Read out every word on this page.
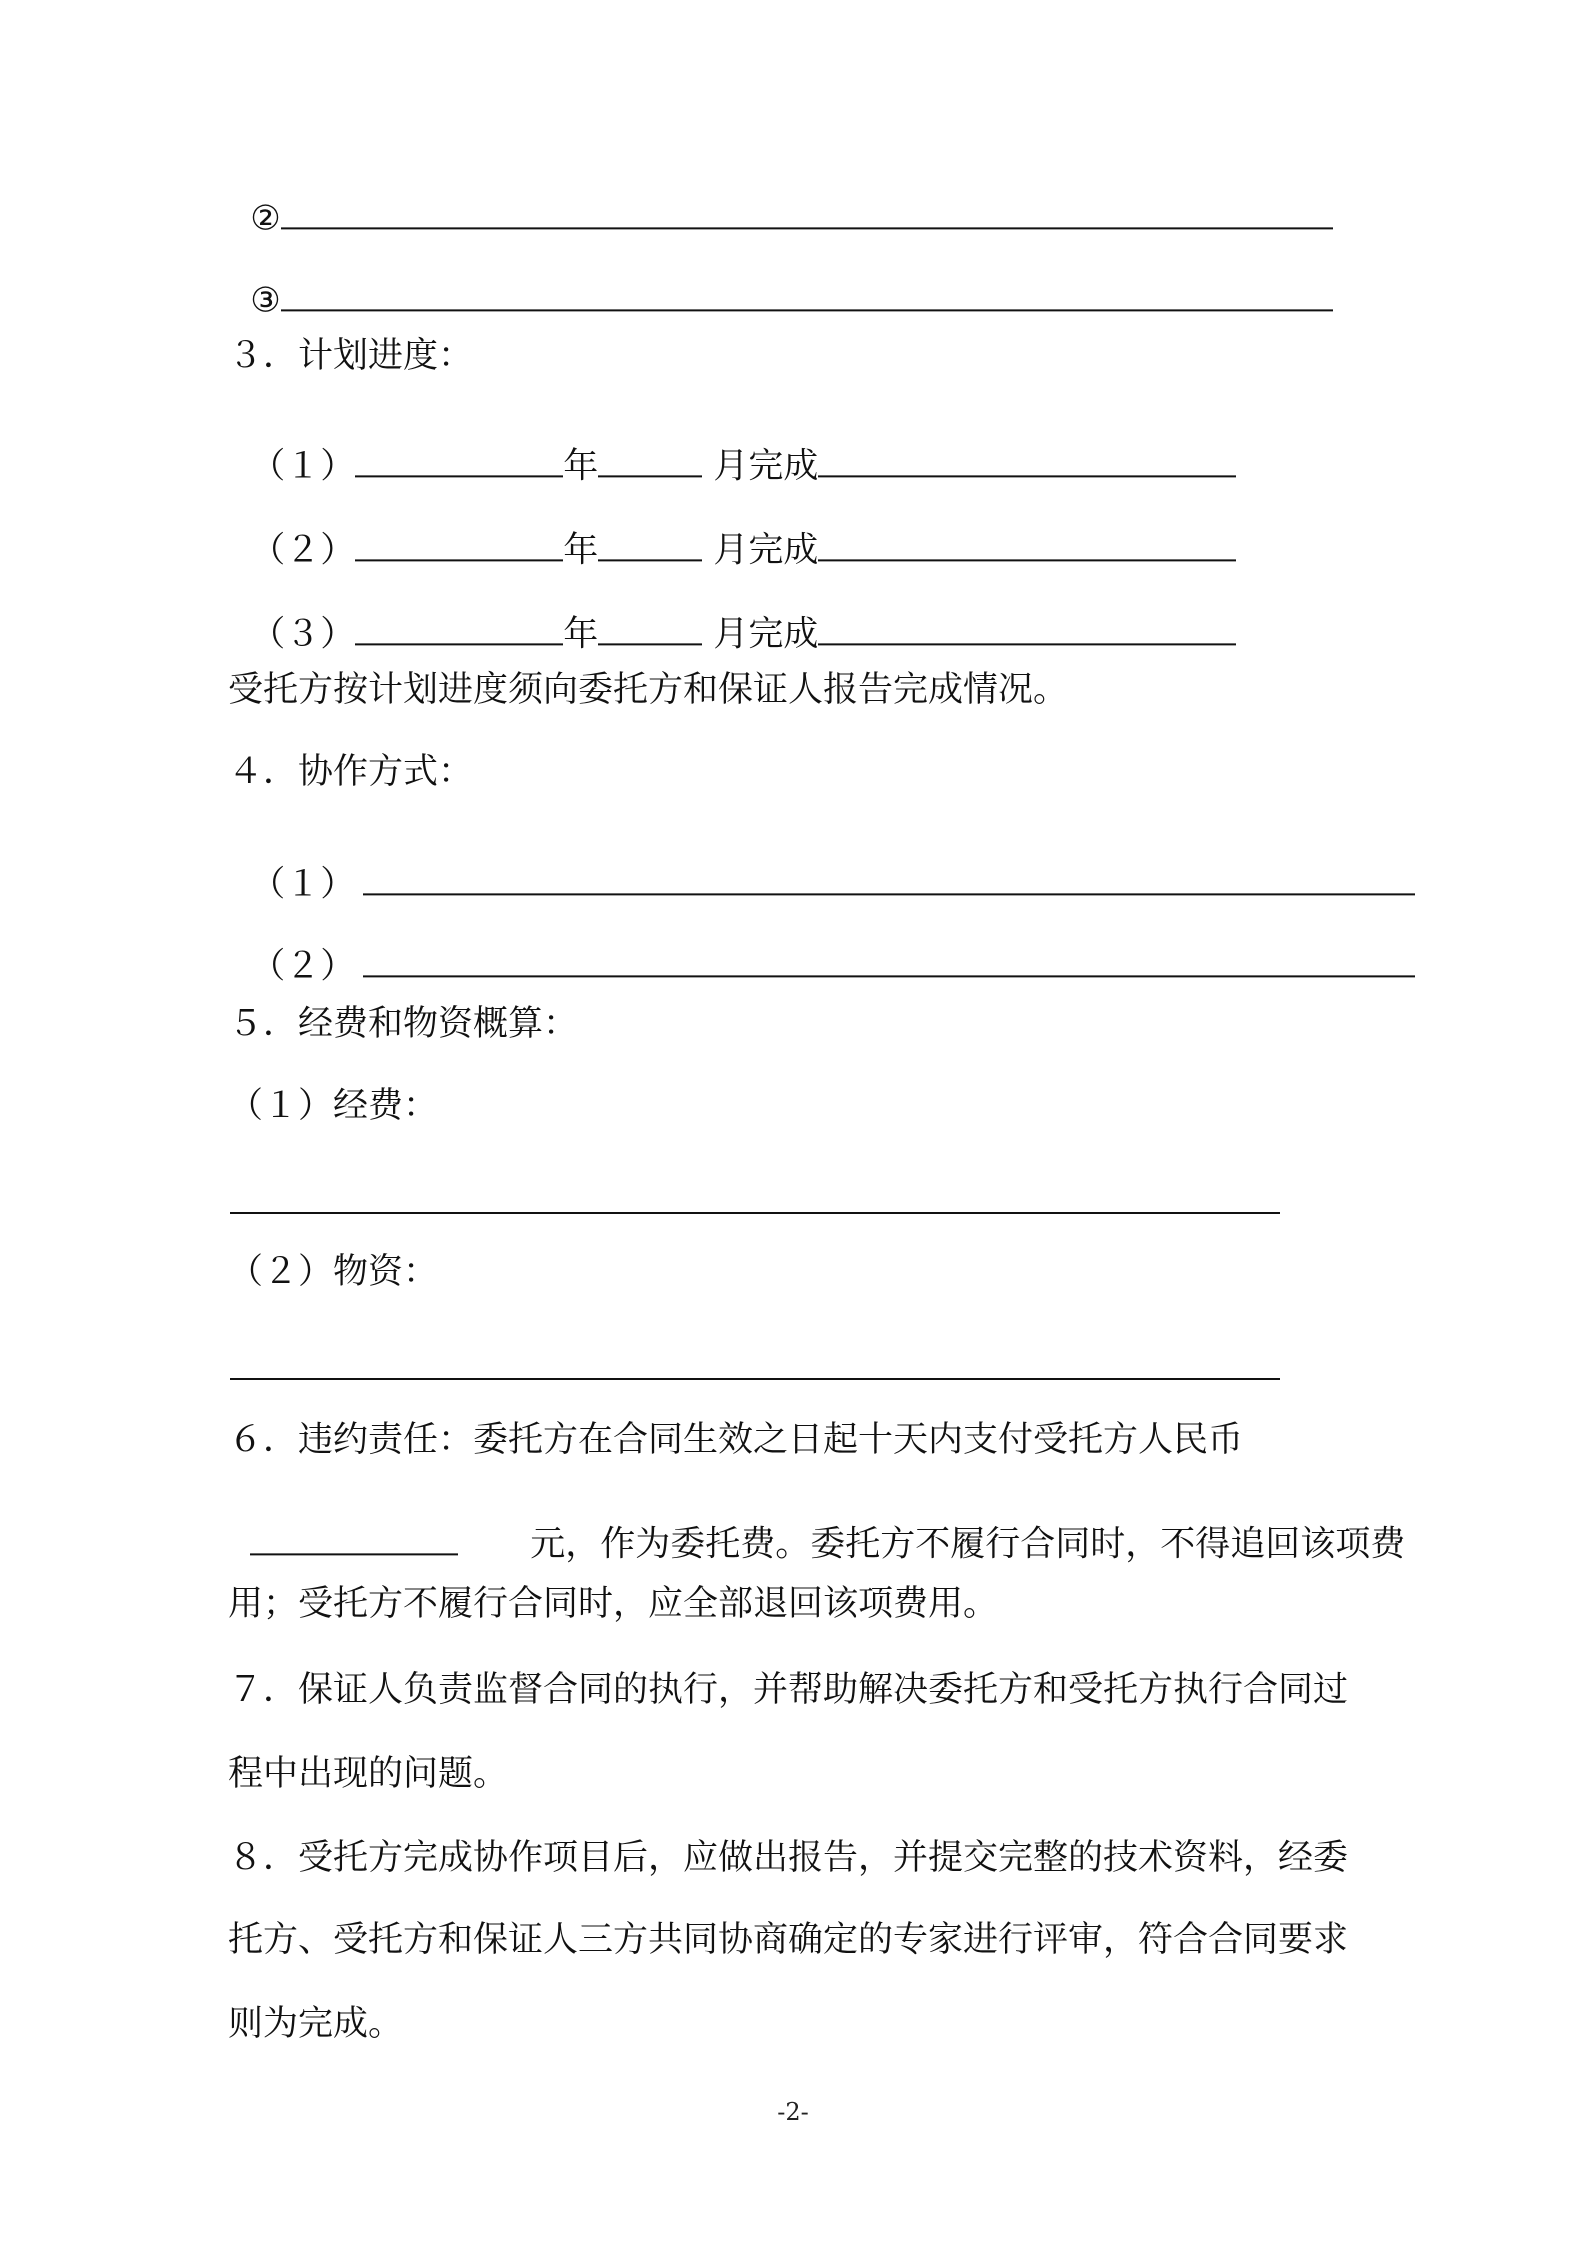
②

③

３．计划进度：

（１）	年	月完成

（２）	年	月完成

（３）	年	月完成

受托方按计划进度须向委托方和保证人报告完成情况。
４．协作方式：

（１）

（２）

５．经费和物资概算：
（１）经费：
（２）物资：
６．违约责任：委托方在合同生效之日起十天内支付受托方人民币

元，作为委托费。委托方不履行合同时，不得追回该项费

用；受托方不履行合同时，应全部退回该项费用。
７．保证人负责监督合同的执行，并帮助解决委托方和受托方执行合同过
程中出现的问题。
８．受托方完成协作项目后，应做出报告，并提交完整的技术资料，经委
托方、受托方和保证人三方共同协商确定的专家进行评审，符合合同要求
则为完成。
-2-
